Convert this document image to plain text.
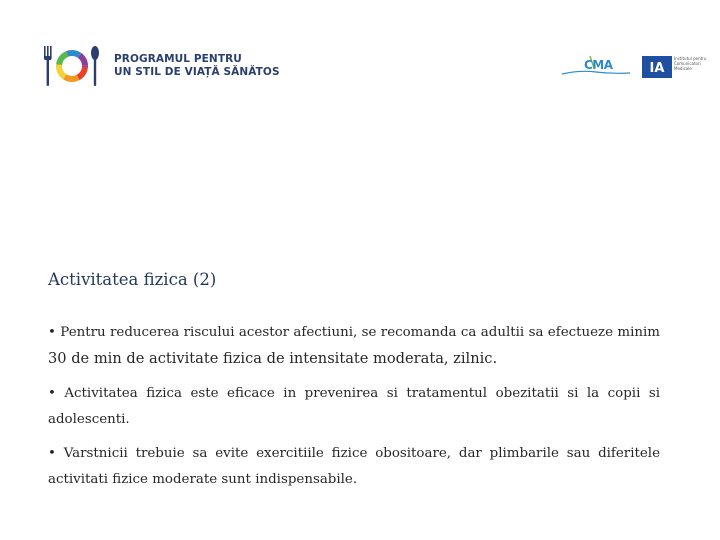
PROGRAMUL PENTRU
UN STIL DE VIAȚĂ SĂNĂTOS	CMA	IA
Institutul pentru
Comunicatori
Medicale
Activitatea fizica (2)

• Pentru reducerea riscului acestor afectiuni, se recomanda ca adultii sa efectueze minim 30 de min de activitate fizica de intensitate moderata, zilnic.

• Activitatea fizica este eficace in prevenirea si tratamentul obezitatii si la copii si adolescenti.

• Varstnicii trebuie sa evite exercitiile fizice obositoare, dar plimbarile sau diferitele activitati fizice moderate sunt indispensabile.
